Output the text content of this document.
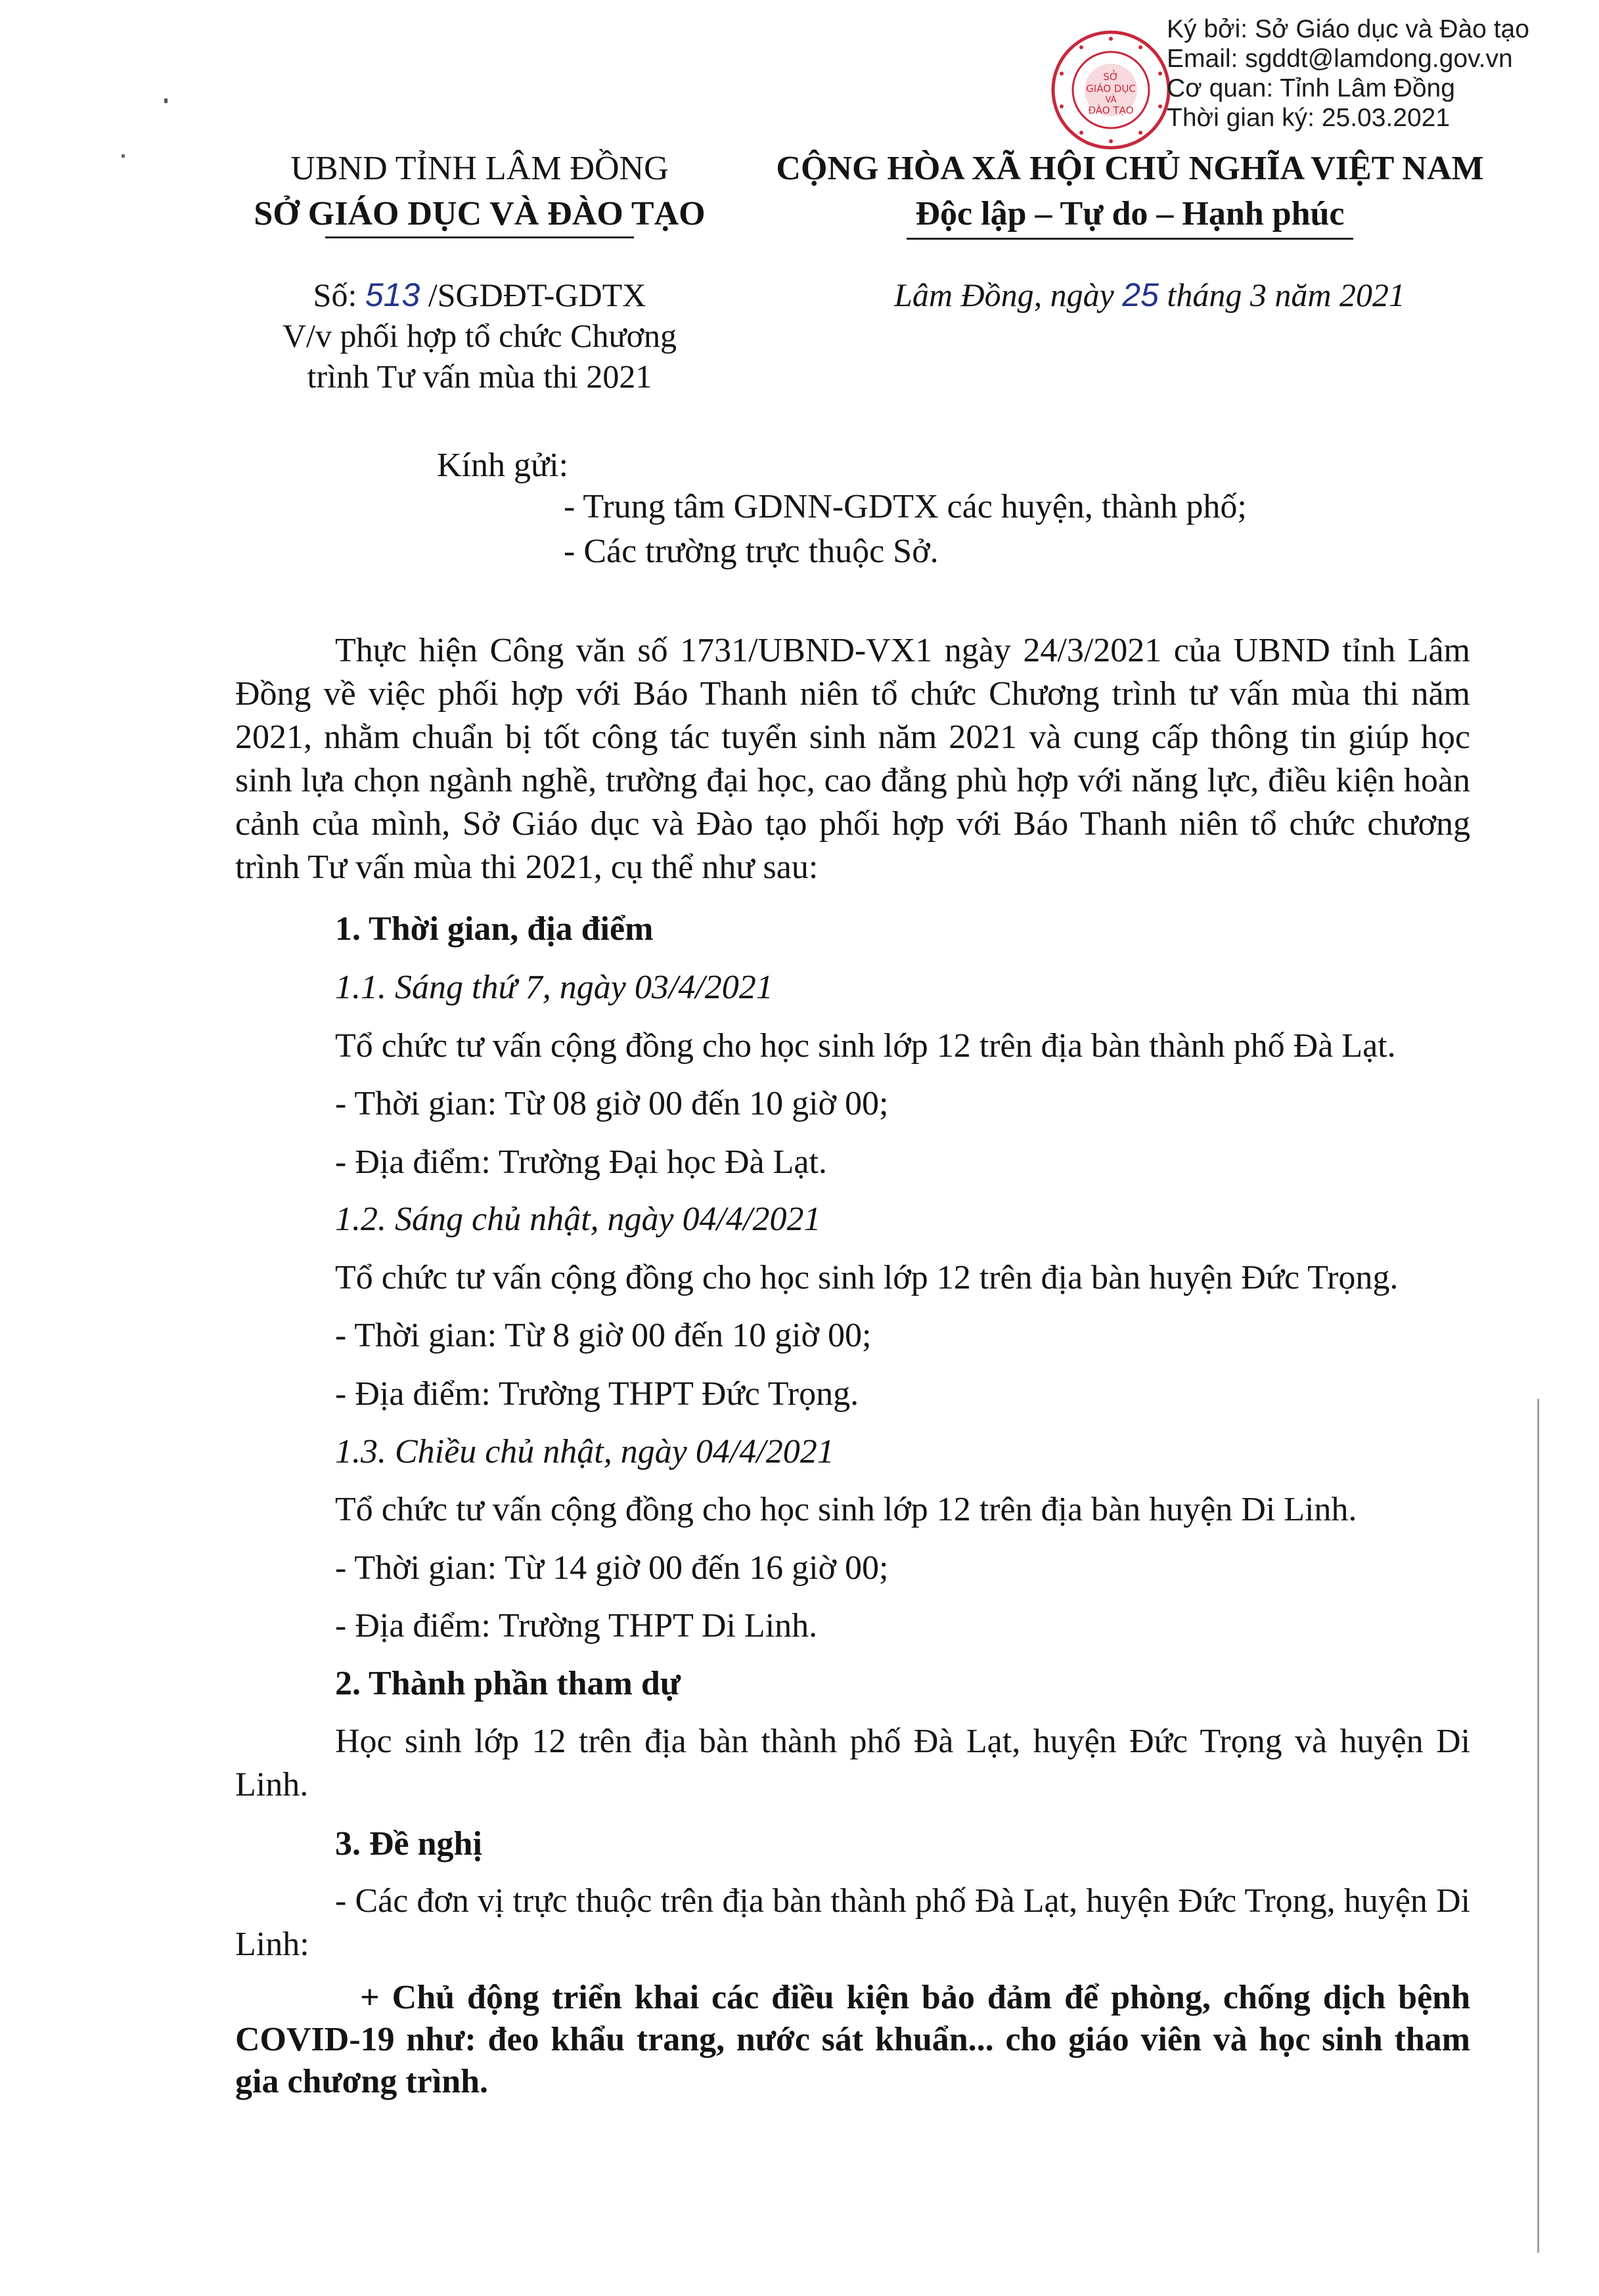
SỞ
GIÁO DỤC
VÀ
ĐÀO TẠO
Ký bởi: Sở Giáo dục và Đào tạo
Email: sgddt@lamdong.gov.vn
Cơ quan: Tỉnh Lâm Đồng
Thời gian ký: 25.03.2021
UBND TỈNH LÂM ĐỒNG
SỞ GIÁO DỤC VÀ ĐÀO TẠO
CỘNG HÒA XÃ HỘI CHỦ NGHĨA VIỆT NAM
Độc lập – Tự do – Hạnh phúc
Số: 513 /SGDĐT-GDTX
V/v phối hợp tổ chức Chương
trình Tư vấn mùa thi 2021
Lâm Đồng, ngày 25 tháng 3 năm 2021
Kính gửi:
- Trung tâm GDNN-GDTX các huyện, thành phố;
- Các trường trực thuộc Sở.
Thực hiện Công văn số 1731/UBND-VX1 ngày 24/3/2021 của UBND tỉnh Lâm Đồng về việc phối hợp với Báo Thanh niên tổ chức Chương trình tư vấn mùa thi năm 2021, nhằm chuẩn bị tốt công tác tuyển sinh năm 2021 và cung cấp thông tin giúp học sinh lựa chọn ngành nghề, trường đại học, cao đẳng phù hợp với năng lực, điều kiện hoàn cảnh của mình, Sở Giáo dục và Đào tạo phối hợp với Báo Thanh niên tổ chức chương trình Tư vấn mùa thi 2021, cụ thể như sau:
1. Thời gian, địa điểm
1.1. Sáng thứ 7, ngày 03/4/2021
Tổ chức tư vấn cộng đồng cho học sinh lớp 12 trên địa bàn thành phố Đà Lạt.
- Thời gian: Từ 08 giờ 00 đến 10 giờ 00;
- Địa điểm: Trường Đại học Đà Lạt.
1.2. Sáng chủ nhật, ngày 04/4/2021
Tổ chức tư vấn cộng đồng cho học sinh lớp 12 trên địa bàn huyện Đức Trọng.
- Thời gian: Từ 8 giờ 00 đến 10 giờ 00;
- Địa điểm: Trường THPT Đức Trọng.
1.3. Chiều chủ nhật, ngày 04/4/2021
Tổ chức tư vấn cộng đồng cho học sinh lớp 12 trên địa bàn huyện Di Linh.
- Thời gian: Từ 14 giờ 00 đến 16 giờ 00;
- Địa điểm: Trường THPT Di Linh.
2. Thành phần tham dự
Học sinh lớp 12 trên địa bàn thành phố Đà Lạt, huyện Đức Trọng và huyện Di Linh.
3. Đề nghị
- Các đơn vị trực thuộc trên địa bàn thành phố Đà Lạt, huyện Đức Trọng, huyện Di Linh:
+ Chủ động triển khai các điều kiện bảo đảm để phòng, chống dịch bệnh COVID-19 như: đeo khẩu trang, nước sát khuẩn... cho giáo viên và học sinh tham gia chương trình.
